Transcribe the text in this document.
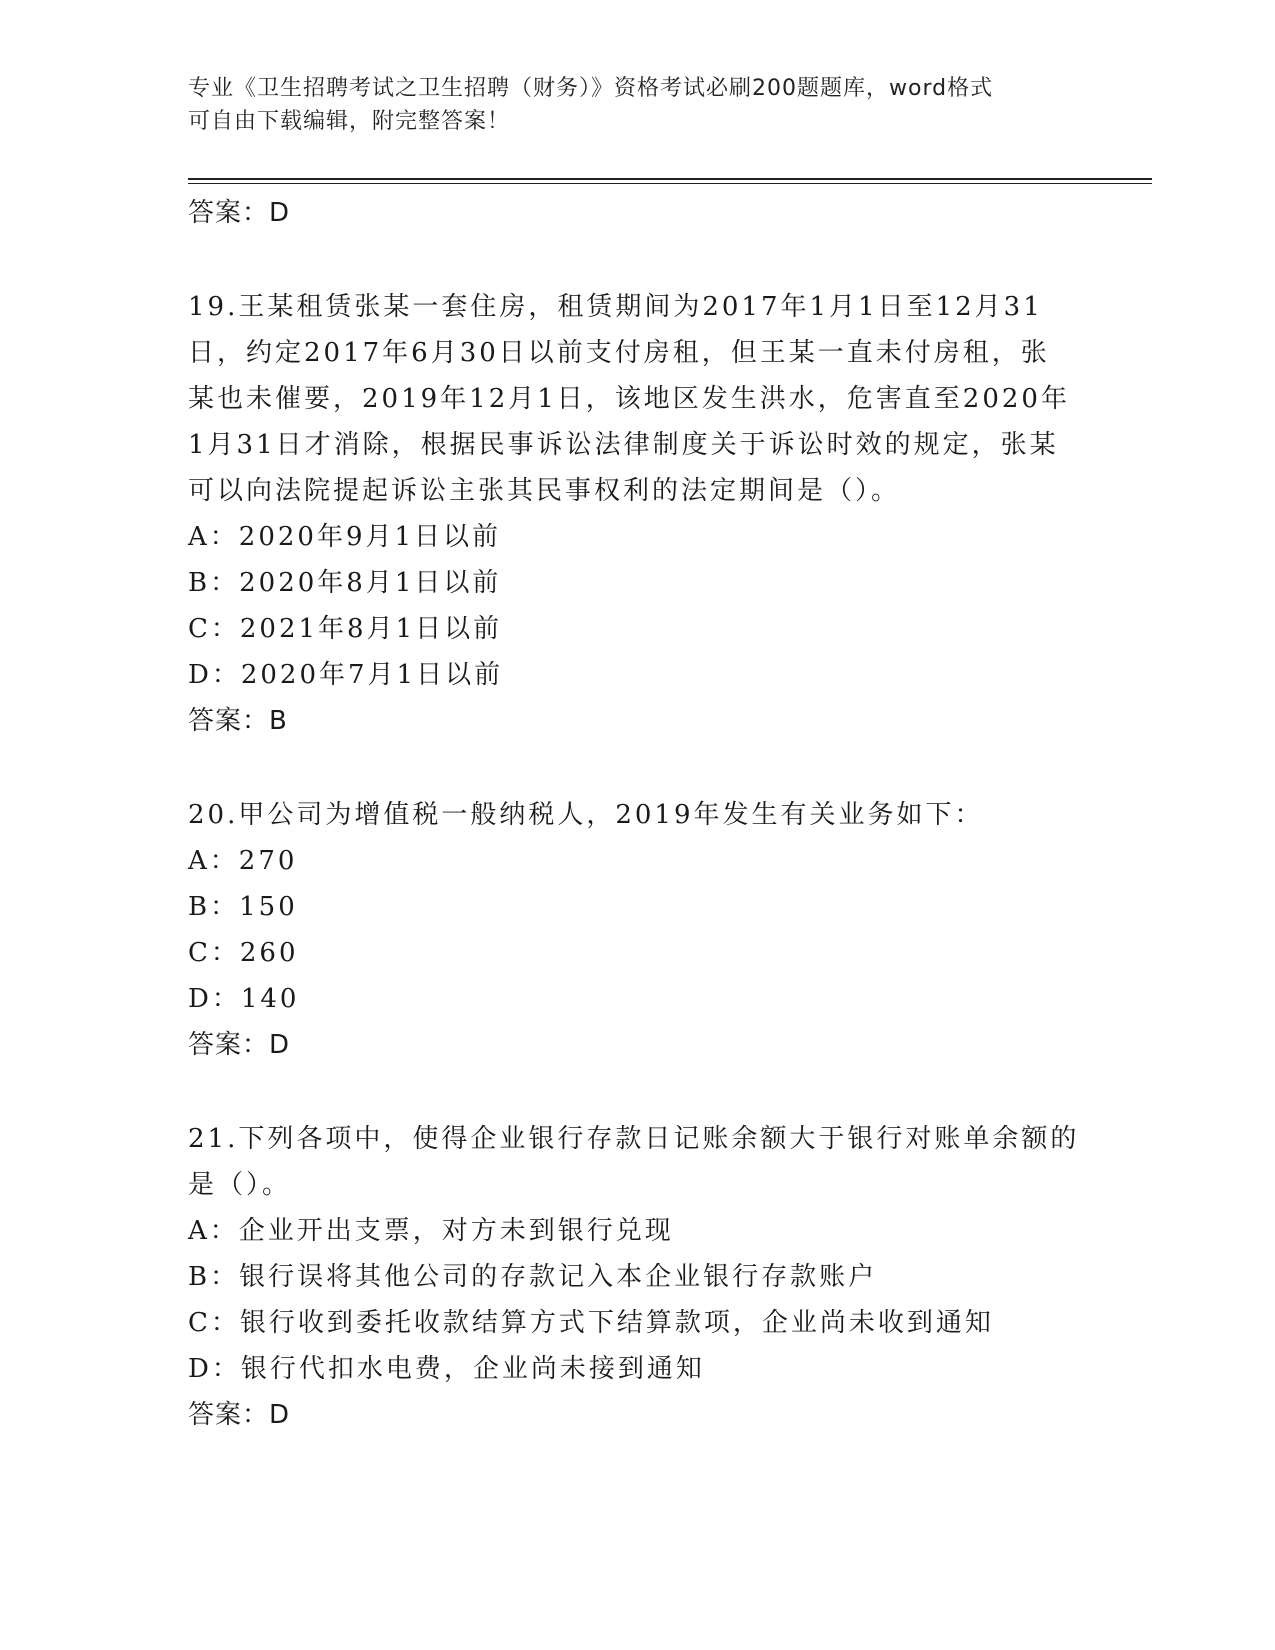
专业《卫生招聘考试之卫生招聘（财务）》资格考试必刷200题题库，word格式
可自由下载编辑，附完整答案！

答案：D

19.王某租赁张某一套住房，租赁期间为2017年1月1日至12月31

日，约定2017年6月30日以前支付房租，但王某一直未付房租，张

某也未催要，2019年12月1日，该地区发生洪水，危害直至2020年

1月31日才消除，根据民事诉讼法律制度关于诉讼时效的规定，张某

可以向法院提起诉讼主张其民事权利的法定期间是（）。

A：2020年9月1日以前

B：2020年8月1日以前

C：2021年8月1日以前

D：2020年7月1日以前

答案：B

20.甲公司为增值税一般纳税人，2019年发生有关业务如下：

A：270

B：150

C：260

D：140

答案：D

21.下列各项中，使得企业银行存款日记账余额大于银行对账单余额的

是（）。

A：企业开出支票，对方未到银行兑现

B：银行误将其他公司的存款记入本企业银行存款账户

C：银行收到委托收款结算方式下结算款项，企业尚未收到通知

D：银行代扣水电费，企业尚未接到通知

答案：D
